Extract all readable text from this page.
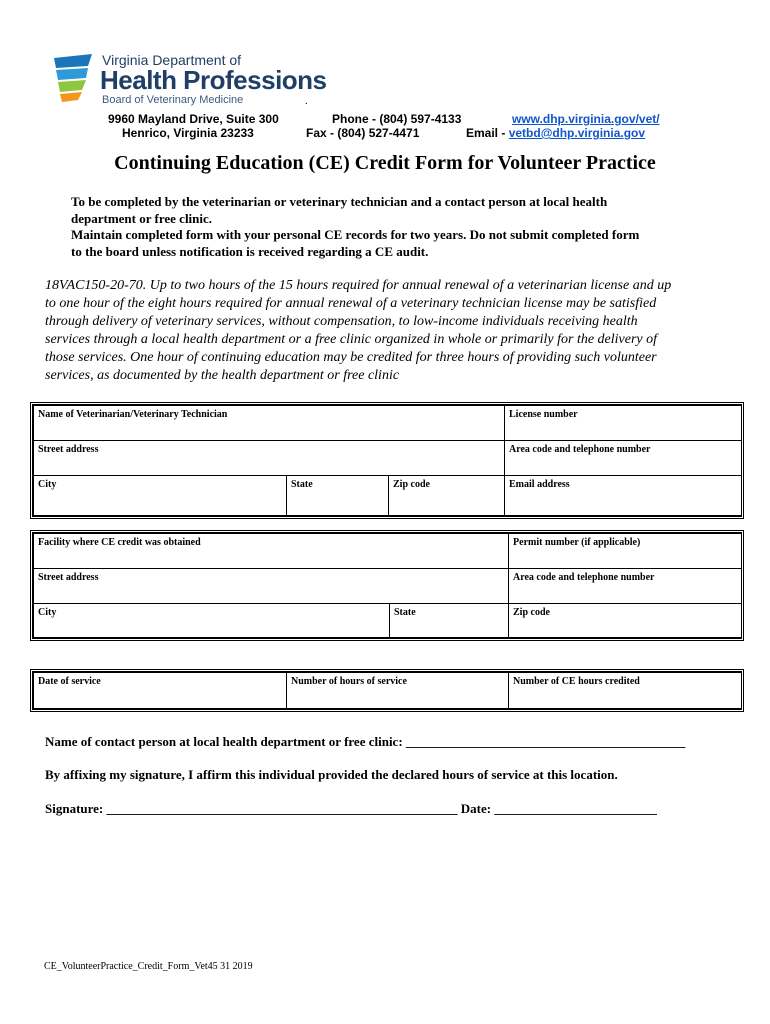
Virginia Department of
Health Professions
Board of Veterinary Medicine	.
9960 Mayland Drive, Suite 300
Henrico, Virginia 23233
Phone - (804) 597-4133
Fax - (804) 527-4471
www.dhp.virginia.gov/vet/
Email - vetbd@dhp.virginia.gov
Continuing Education (CE) Credit Form for Volunteer Practice

To be completed by the veterinarian or veterinary technician and a contact person at local health
department or free clinic.
Maintain completed form with your personal CE records for two years. Do not submit completed form
to the board unless notification is received regarding a CE audit.

18VAC150-20-70. Up to two hours of the 15 hours required for annual renewal of a veterinarian license and up
to one hour of the eight hours required for annual renewal of a veterinary technician license may be satisfied
through delivery of veterinary services, without compensation, to low-income individuals receiving health
services through a local health department or a free clinic organized in whole or primarily for the delivery of
those services. One hour of continuing education may be credited for three hours of providing such volunteer
services, as documented by the health department or free clinic

Name of Veterinarian/Veterinary Technician			License number
Street address			Area code and telephone number
City	State	Zip code	Email address
Facility where CE credit was obtained		Permit number (if applicable)
Street address		Area code and telephone number
City	State	Zip code
Date of service	Number of hours of service	Number of CE hours credited
Name of contact person at local health department or free clinic: ___________________________________________
By affixing my signature, I affirm this individual provided the declared hours of service at this location.
Signature: ______________________________________________________ Date: _________________________
CE_VolunteerPractice_Credit_Form_Vet45 31 2019
